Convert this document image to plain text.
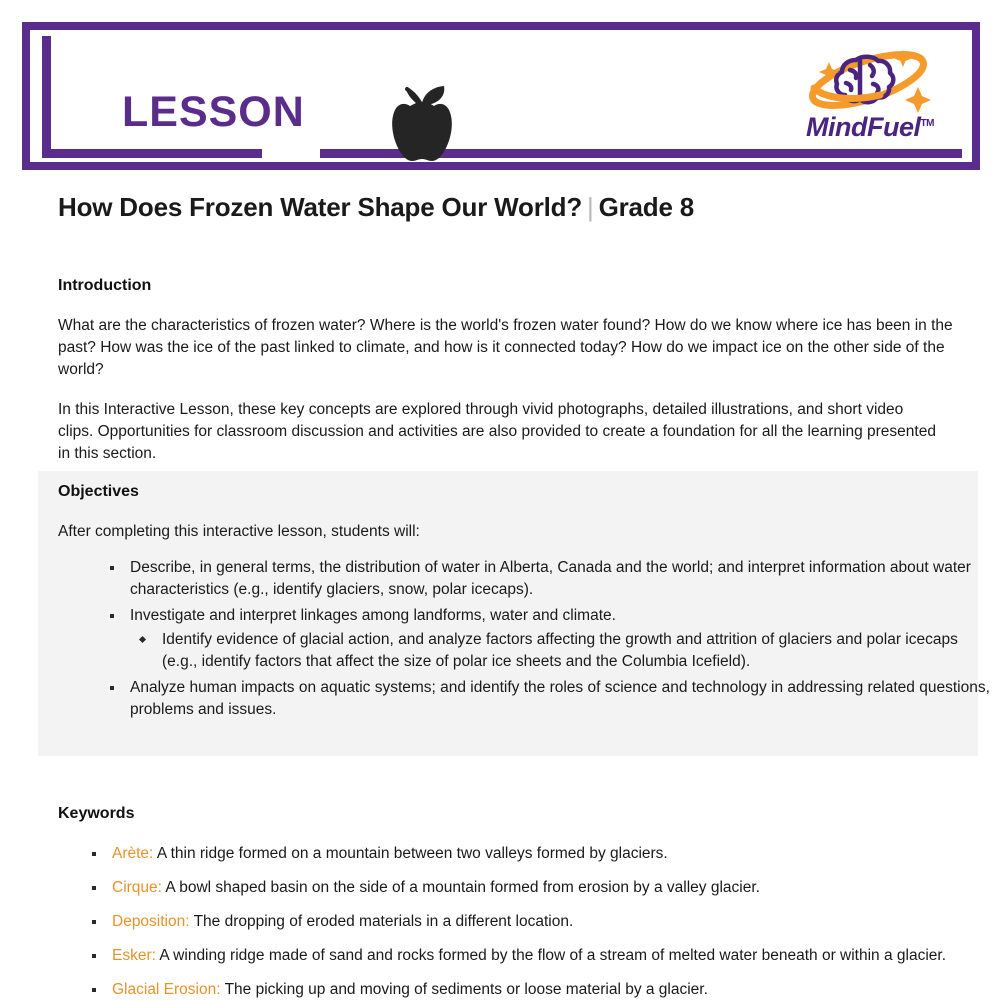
lesson	MindFuel™
How Does Frozen Water Shape Our World? | Grade 8
Introduction
What are the characteristics of frozen water? Where is the world's frozen water found? How do we know where ice has been in the past? How was the ice of the past linked to climate, and how is it connected today? How do we impact ice on the other side of the world?
In this Interactive Lesson, these key concepts are explored through vivid photographs, detailed illustrations, and short video clips. Opportunities for classroom discussion and activities are also provided to create a foundation for all the learning presented in this section.
Objectives
After completing this interactive lesson, students will:
Describe, in general terms, the distribution of water in Alberta, Canada and the world; and interpret information about water characteristics (e.g., identify glaciers, snow, polar icecaps).
Investigate and interpret linkages among landforms, water and climate.
Identify evidence of glacial action, and analyze factors affecting the growth and attrition of glaciers and polar icecaps (e.g., identify factors that affect the size of polar ice sheets and the Columbia Icefield).
Analyze human impacts on aquatic systems; and identify the roles of science and technology in addressing related questions, problems and issues.
Keywords
Arète: A thin ridge formed on a mountain between two valleys formed by glaciers.
Cirque: A bowl shaped basin on the side of a mountain formed from erosion by a valley glacier.
Deposition: The dropping of eroded materials in a different location.
Esker: A winding ridge made of sand and rocks formed by the flow of a stream of melted water beneath or within a glacier.
Glacial Erosion: The picking up and moving of sediments or loose material by a glacier.
